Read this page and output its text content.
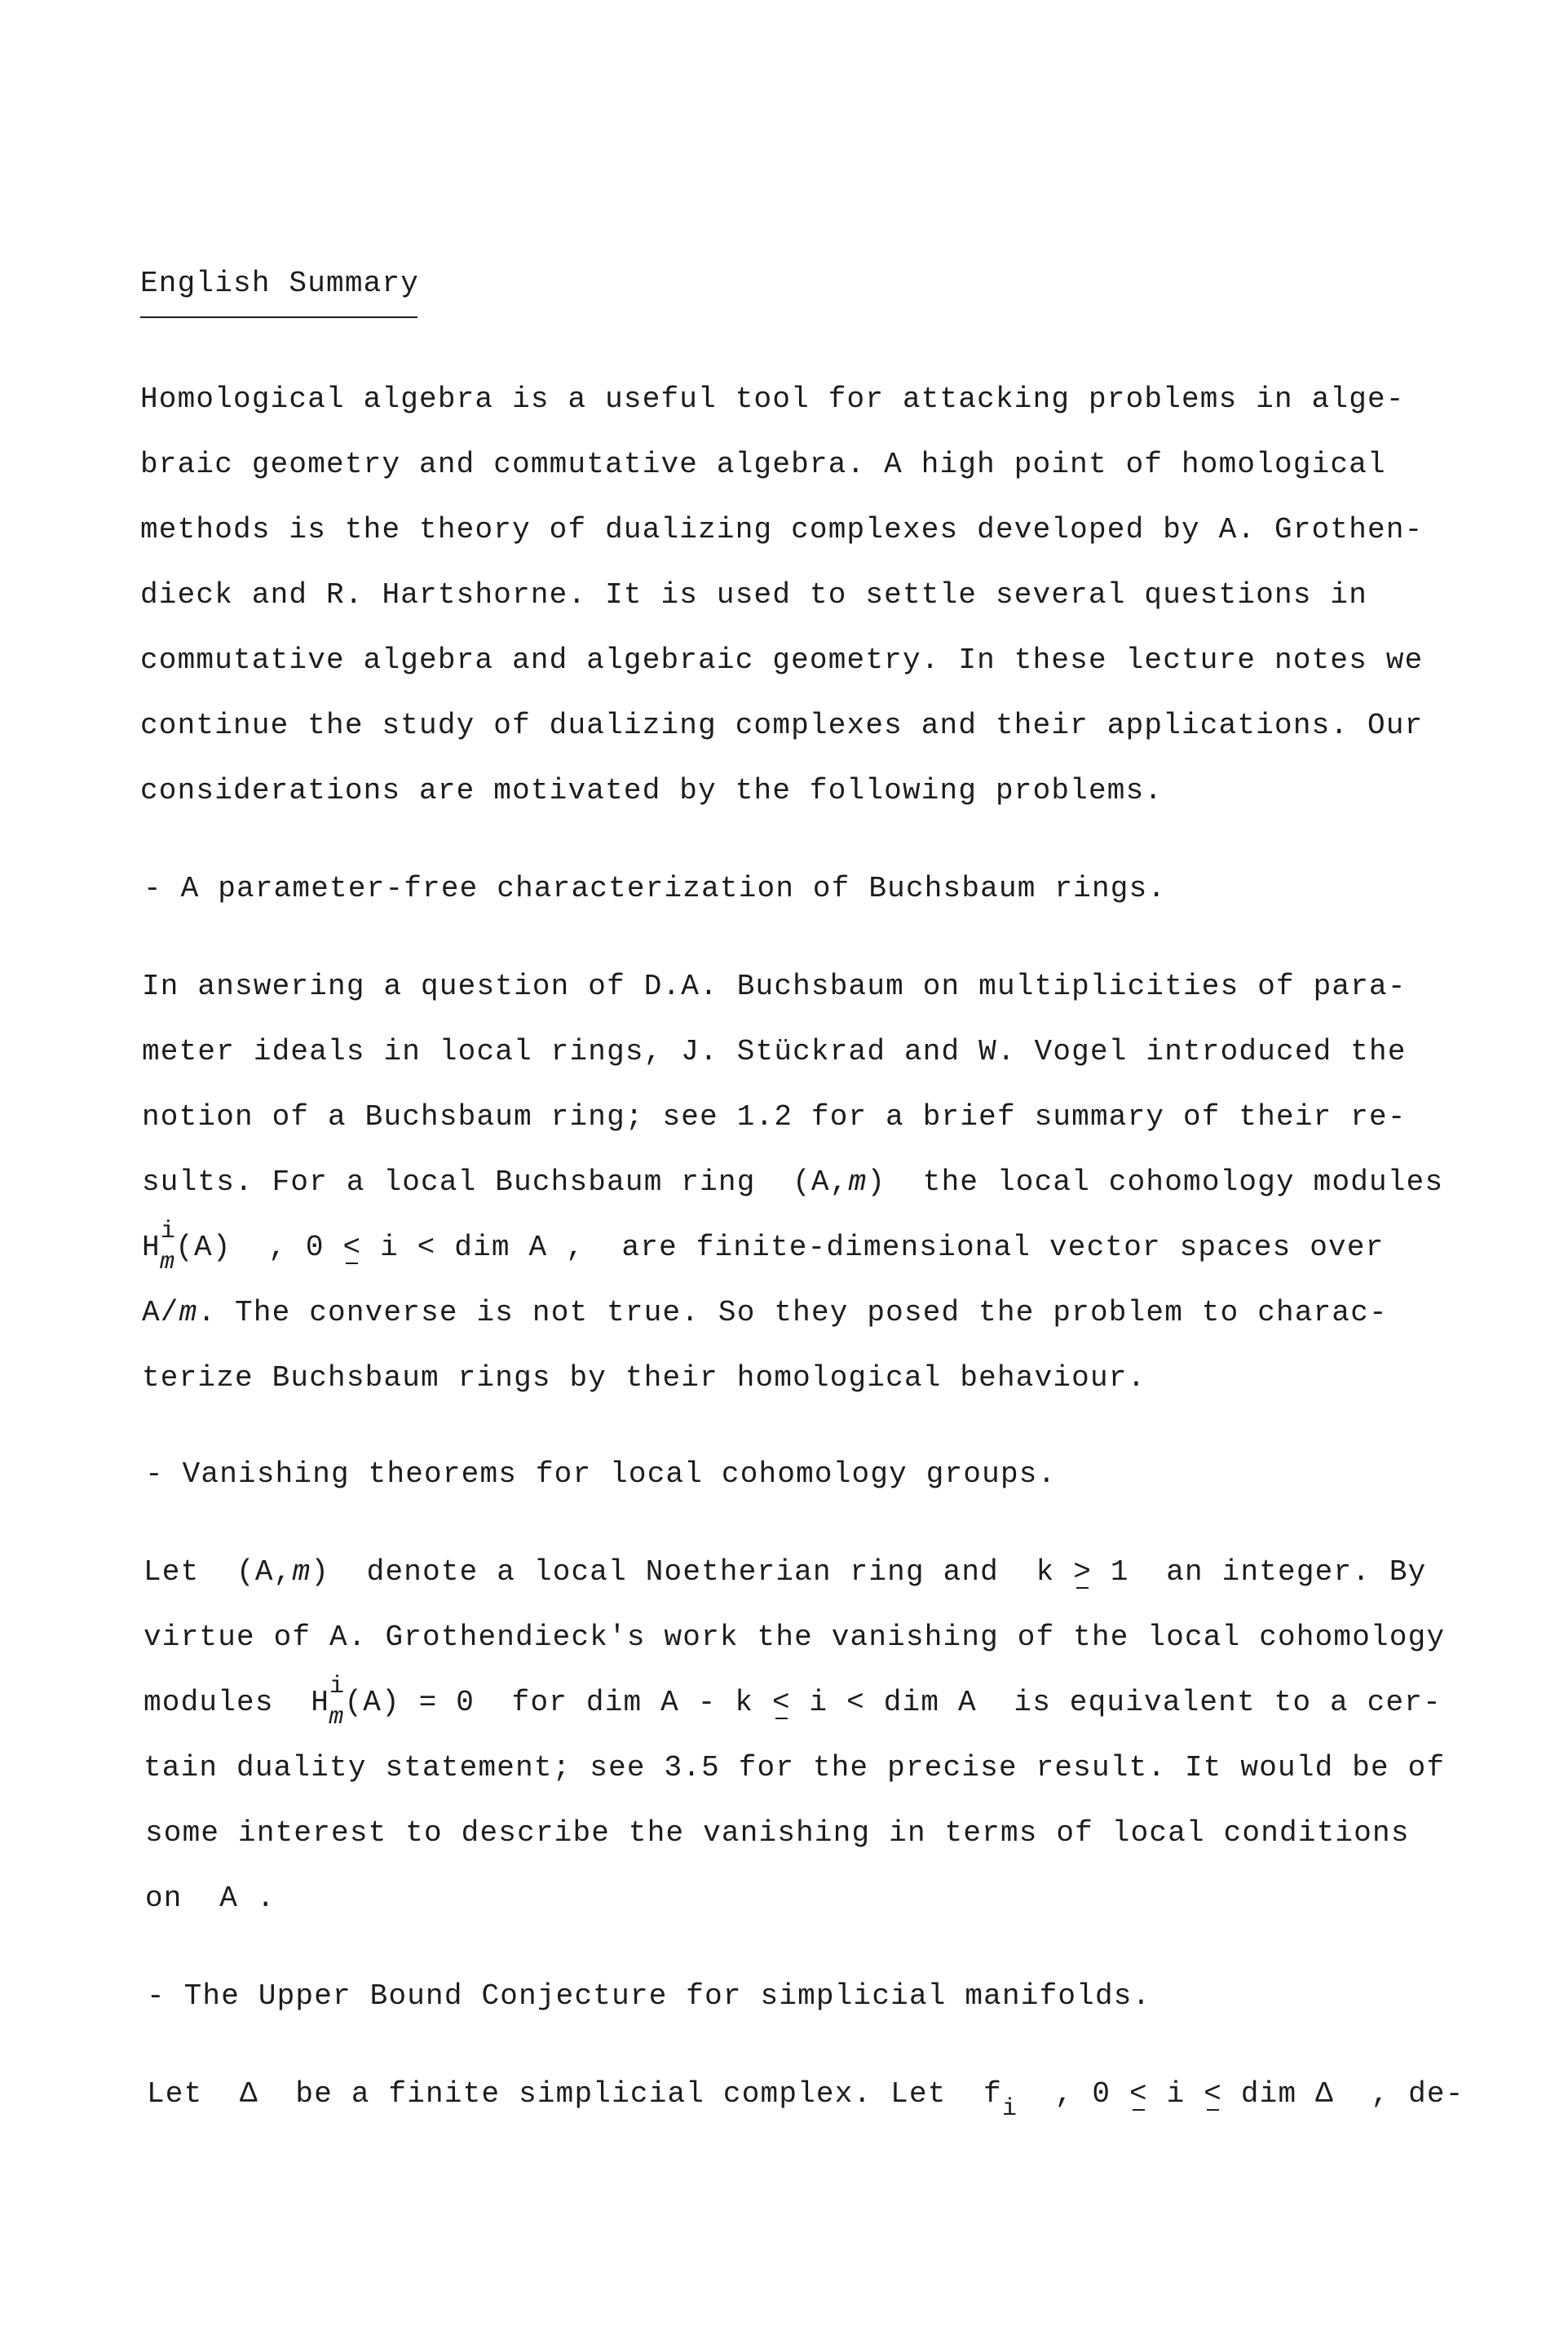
English Summary
Homological algebra is a useful tool for attacking problems in alge-
braic geometry and commutative algebra. A high point of homological
methods is the theory of dualizing complexes developed by A. Grothen-
dieck and R. Hartshorne. It is used to settle several questions in
commutative algebra and algebraic geometry. In these lecture notes we
continue the study of dualizing complexes and their applications. Our
considerations are motivated by the following problems.
- A parameter-free characterization of Buchsbaum rings.
In answering a question of D.A. Buchsbaum on multiplicities of para-
meter ideals in local rings, J. Stückrad and W. Vogel introduced the
notion of a Buchsbaum ring; see 1.2 for a brief summary of their re-
sults. For a local Buchsbaum ring  (A,m)  the local cohomology modules
$H^i_m(A)$  , 0 < i < dim A ,  are finite-dimensional vector spaces over
A/m. The converse is not true. So they posed the problem to charac-
terize Buchsbaum rings by their homological behaviour.
- Vanishing theorems for local cohomology groups.
Let  (A,m)  denote a local Noetherian ring and  k > 1  an integer. By
virtue of A. Grothendieck's work the vanishing of the local cohomology
modules  $H^i_m(A) = 0$  for dim A - k < i < dim A  is equivalent to a cer-
tain duality statement; see 3.5 for the precise result. It would be of
some interest to describe the vanishing in terms of local conditions
on  A .
- The Upper Bound Conjecture for simplicial manifolds.
Let  Δ  be a finite simplicial complex. Let  $f_i$  , 0 < i < dim Δ  , de-
